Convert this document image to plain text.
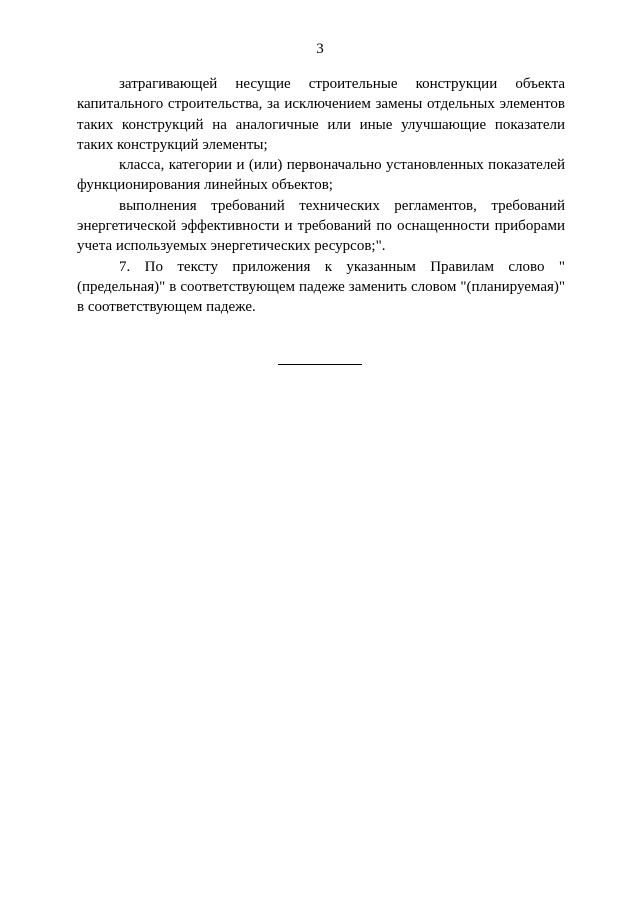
3

затрагивающей несущие строительные конструкции объекта капитального строительства, за исключением замены отдельных элементов таких конструкций на аналогичные или иные улучшающие показатели таких конструкций элементы;

класса, категории и (или) первоначально установленных показателей функционирования линейных объектов;

выполнения требований технических регламентов, требований энергетической эффективности и требований по оснащенности приборами учета используемых энергетических ресурсов;".

7. По тексту приложения к указанным Правилам слово "(предельная)" в соответствующем падеже заменить словом "(планируемая)" в соответствующем падеже.
